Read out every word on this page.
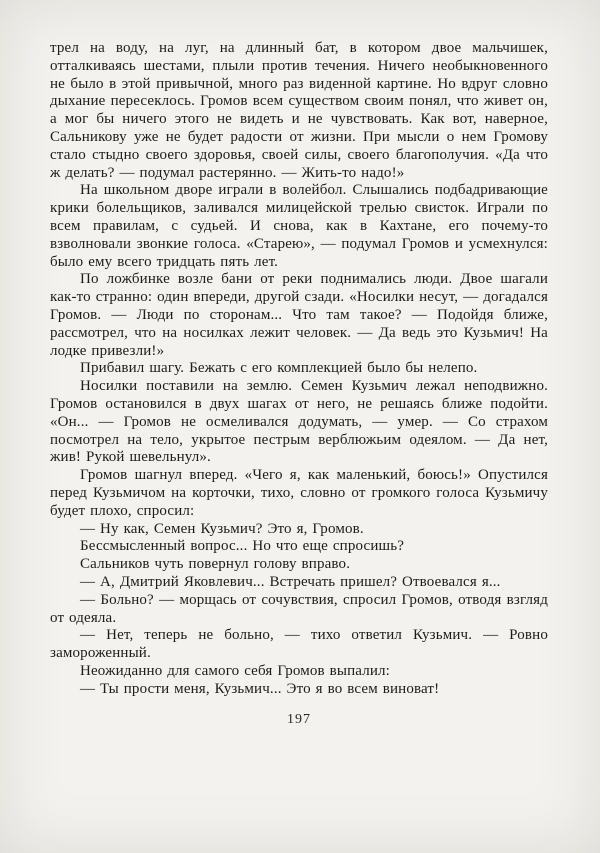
трел на воду, на луг, на длинный бат, в котором двое мальчишек, отталкиваясь шестами, плыли против течения. Ничего необыкновенного не было в этой привычной, много раз виденной картине. Но вдруг словно дыхание пересеклось. Громов всем существом своим понял, что живет он, а мог бы ничего этого не видеть и не чувствовать. Как вот, наверное, Сальникову уже не будет радости от жизни. При мысли о нем Громову стало стыдно своего здоровья, своей силы, своего благополучия. «Да что ж делать? — подумал растерянно. — Жить-то надо!»

На школьном дворе играли в волейбол. Слышались подбадривающие крики болельщиков, заливался милицейской трелью свисток. Играли по всем правилам, с судьей. И снова, как в Кахтане, его почему-то взволновали звонкие голоса. «Старею», — подумал Громов и усмехнулся: было ему всего тридцать пять лет.

По ложбинке возле бани от реки поднимались люди. Двое шагали как-то странно: один впереди, другой сзади. «Носилки несут, — догадался Громов. — Люди по сторонам... Что там такое? — Подойдя ближе, рассмотрел, что на носилках лежит человек. — Да ведь это Кузьмич! На лодке привезли!»

Прибавил шагу. Бежать с его комплекцией было бы нелепо.

Носилки поставили на землю. Семен Кузьмич лежал неподвижно. Громов остановился в двух шагах от него, не решаясь ближе подойти. «Он... — Громов не осмеливался додумать, — умер. — Со страхом посмотрел на тело, укрытое пестрым верблюжьим одеялом. — Да нет, жив! Рукой шевельнул».

Громов шагнул вперед. «Чего я, как маленький, боюсь!» Опустился перед Кузьмичом на корточки, тихо, словно от громкого голоса Кузьмичу будет плохо, спросил:

— Ну как, Семен Кузьмич? Это я, Громов.

Бессмысленный вопрос... Но что еще спросишь?

Сальников чуть повернул голову вправо.

— А, Дмитрий Яковлевич... Встречать пришел? Отвоевался я...

— Больно? — морщась от сочувствия, спросил Громов, отводя взгляд от одеяла.

— Нет, теперь не больно, — тихо ответил Кузьмич. — Ровно замороженный.

Неожиданно для самого себя Громов выпалил:

— Ты прости меня, Кузьмич... Это я во всем виноват!

197
